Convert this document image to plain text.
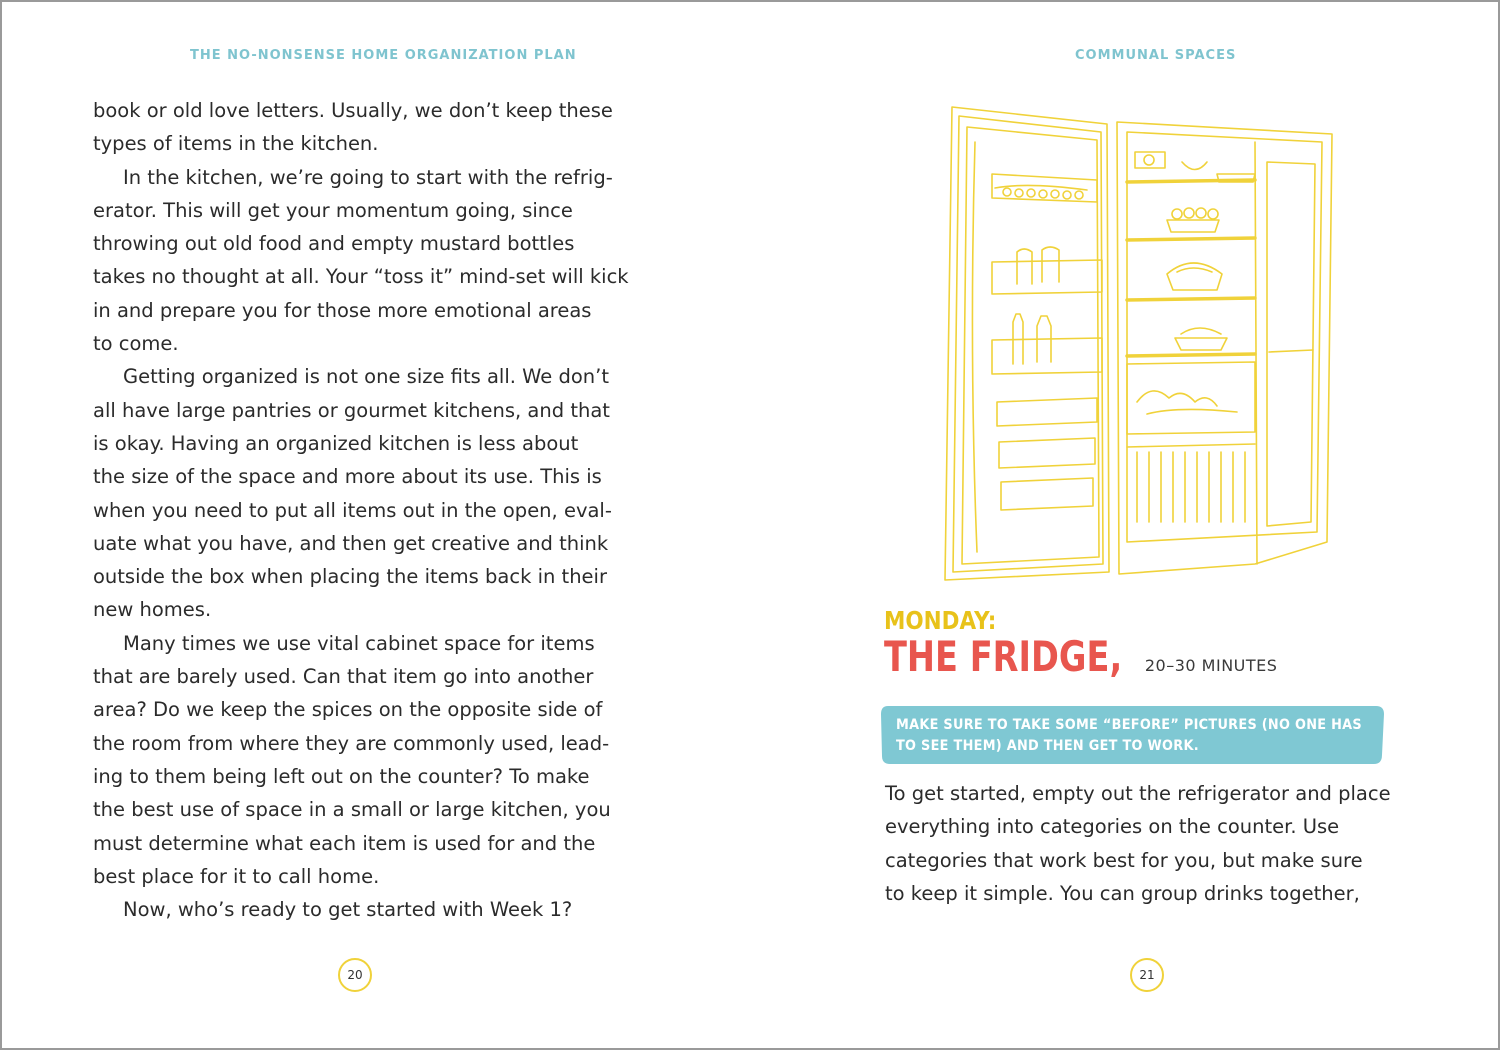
THE NO-NONSENSE HOME ORGANIZATION PLAN

book or old love letters. Usually, we don’t keep these
types of items in the kitchen.
In the kitchen, we’re going to start with the refrig-
erator. This will get your momentum going, since
throwing out old food and empty mustard bottles
takes no thought at all. Your “toss it” mind-set will kick
in and prepare you for those more emotional areas
to come.
Getting organized is not one size fits all. We don’t
all have large pantries or gourmet kitchens, and that
is okay. Having an organized kitchen is less about
the size of the space and more about its use. This is
when you need to put all items out in the open, eval-
uate what you have, and then get creative and think
outside the box when placing the items back in their
new homes.
Many times we use vital cabinet space for items
that are barely used. Can that item go into another
area? Do we keep the spices on the opposite side of
the room from where they are commonly used, lead-
ing to them being left out on the counter? To make
the best use of space in a small or large kitchen, you
must determine what each item is used for and the
best place for it to call home.
Now, who’s ready to get started with Week 1?

20
COMMUNAL SPACES
MONDAY:
THE FRIDGE, 20–30 MINUTES
MAKE SURE TO TAKE SOME “BEFORE” PICTURES (NO ONE HAS
TO SEE THEM) AND THEN GET TO WORK.

To get started, empty out the refrigerator and place
everything into categories on the counter. Use
categories that work best for you, but make sure
to keep it simple. You can group drinks together,

21
